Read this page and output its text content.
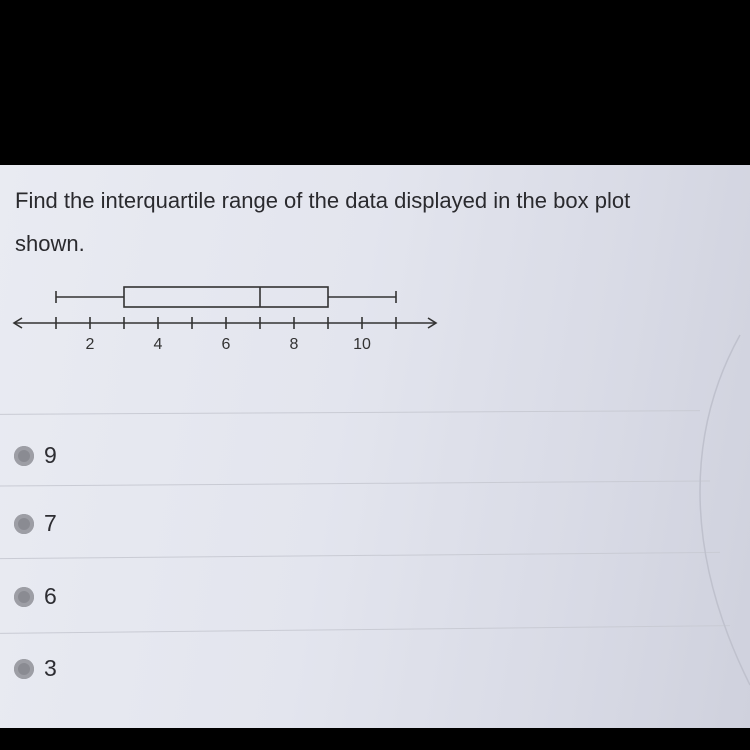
Find the interquartile range of the data displayed in the box plot shown.

2	4	6	8	10
9
7
6
3
